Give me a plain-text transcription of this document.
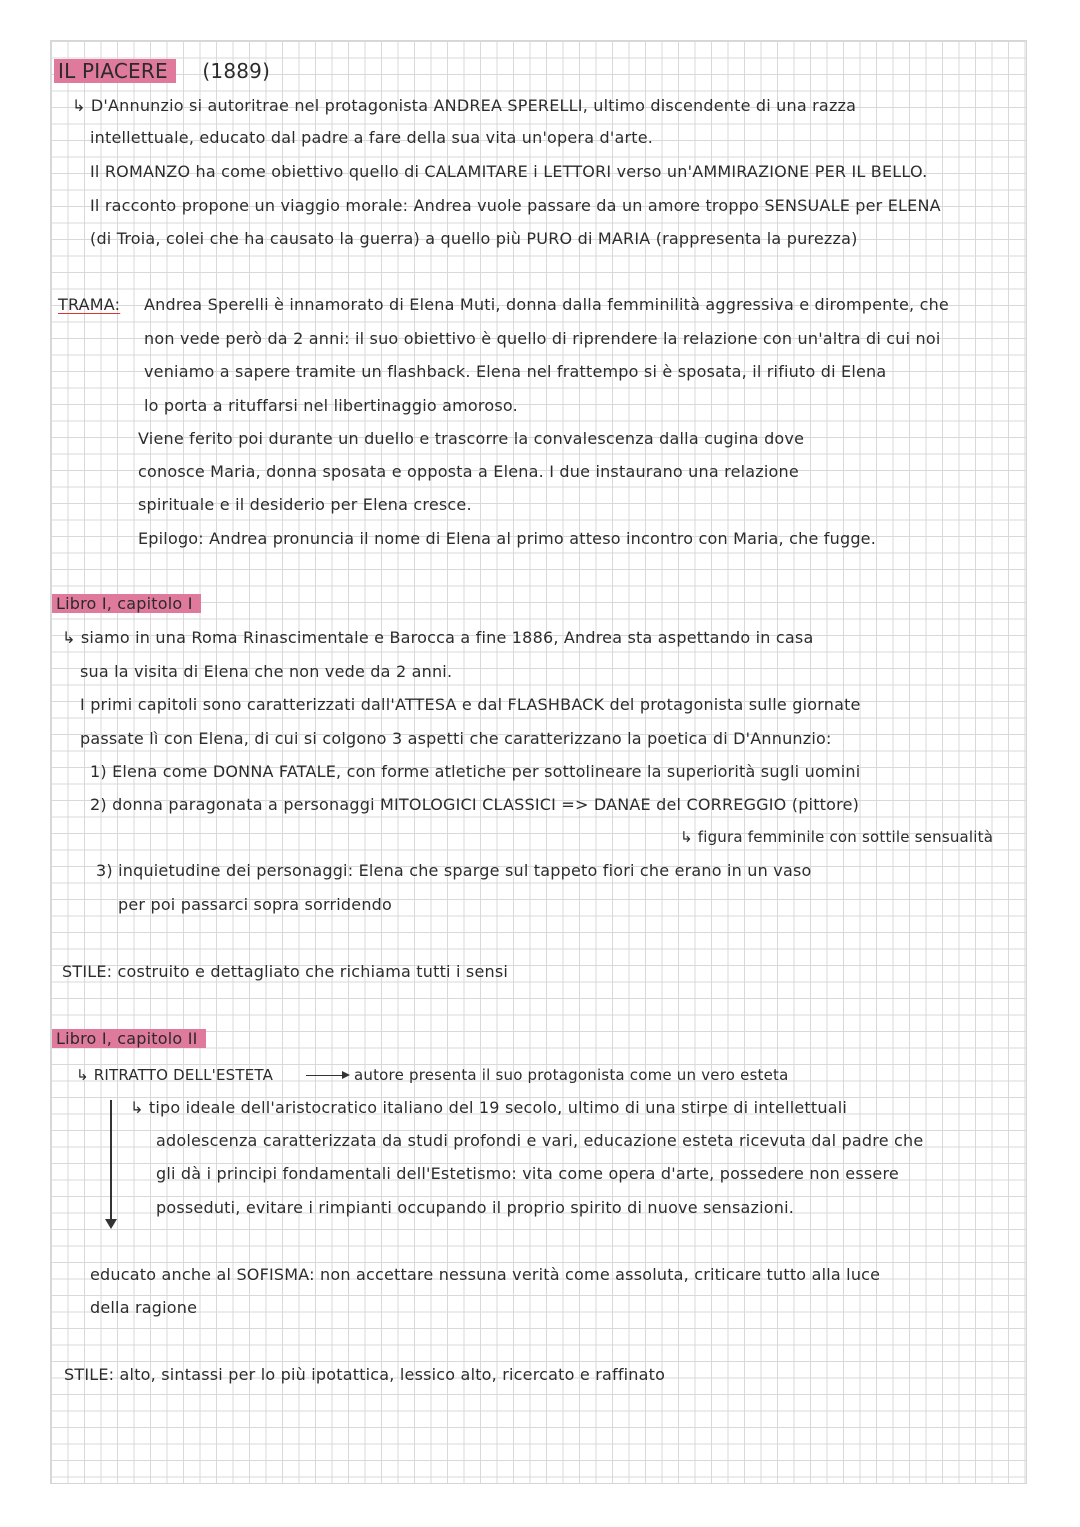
IL PIACERE (1889)
↳ D'Annunzio si autoritrae nel protagonista ANDREA SPERELLI, ultimo discendente di una razza
intellettuale, educato dal padre a fare della sua vita un'opera d'arte.
Il ROMANZO ha come obiettivo quello di CALAMITARE i LETTORI verso un'AMMIRAZIONE PER IL BELLO.
Il racconto propone un viaggio morale: Andrea vuole passare da un amore troppo SENSUALE per ELENA
(di Troia, colei che ha causato la guerra) a quello più PURO di MARIA (rappresenta la purezza)
TRAMA: Andrea Sperelli è innamorato di Elena Muti, donna dalla femminilità aggressiva e dirompente, che
non vede però da 2 anni: il suo obiettivo è quello di riprendere la relazione con un'altra di cui noi
veniamo a sapere tramite un flashback. Elena nel frattempo si è sposata, il rifiuto di Elena
lo porta a rituffarsi nel libertinaggio amoroso.
Viene ferito poi durante un duello e trascorre la convalescenza dalla cugina dove
conosce Maria, donna sposata e opposta a Elena. I due instaurano una relazione
spirituale e il desiderio per Elena cresce.
Epilogo: Andrea pronuncia il nome di Elena al primo atteso incontro con Maria, che fugge.
Libro I, capitolo I
↳ siamo in una Roma Rinascimentale e Barocca a fine 1886, Andrea sta aspettando in casa
sua la visita di Elena che non vede da 2 anni.
I primi capitoli sono caratterizzati dall'ATTESA e dal FLASHBACK del protagonista sulle giornate
passate lì con Elena, di cui si colgono 3 aspetti che caratterizzano la poetica di D'Annunzio:
1) Elena come DONNA FATALE, con forme atletiche per sottolineare la superiorità sugli uomini
2) donna paragonata a personaggi MITOLOGICI CLASSICI => DANAE del CORREGGIO (pittore)
↳ figura femminile con sottile sensualità
3) inquietudine dei personaggi: Elena che sparge sul tappeto fiori che erano in un vaso
per poi passarci sopra sorridendo
STILE: costruito e dettagliato che richiama tutti i sensi
Libro I, capitolo II
↳ RITRATTO DELL'ESTETA	autore presenta il suo protagonista come un vero esteta
↳ tipo ideale dell'aristocratico italiano del 19 secolo, ultimo di una stirpe di intellettuali
adolescenza caratterizzata da studi profondi e vari, educazione esteta ricevuta dal padre che
gli dà i principi fondamentali dell'Estetismo: vita come opera d'arte, possedere non essere
posseduti, evitare i rimpianti occupando il proprio spirito di nuove sensazioni.
educato anche al SOFISMA: non accettare nessuna verità come assoluta, criticare tutto alla luce
della ragione
STILE: alto, sintassi per lo più ipotattica, lessico alto, ricercato e raffinato
